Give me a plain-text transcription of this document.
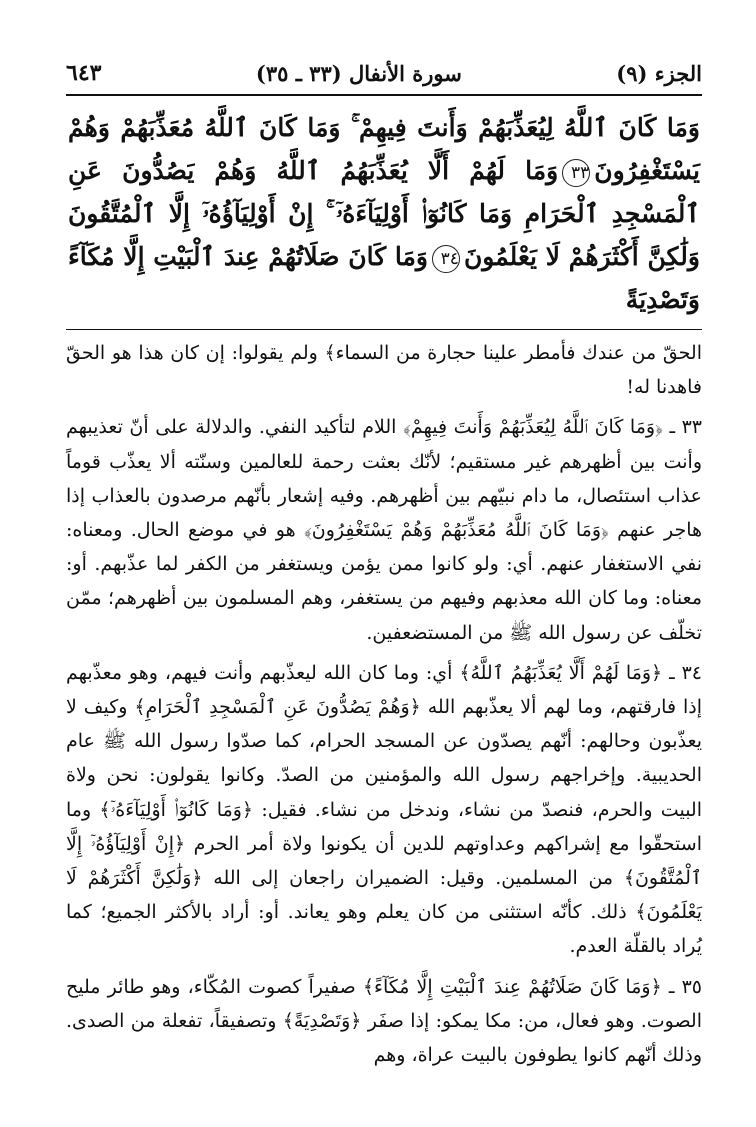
الجزء (٩)
سورة الأنفال (٣٣ ـ ٣٥)
٦٤٣
وَمَا كَانَ ٱللَّهُ لِيُعَذِّبَهُمْ وَأَنتَ فِيهِمْ ۚ وَمَا كَانَ ٱللَّهُ مُعَذِّبَهُمْ وَهُمْ يَسْتَغْفِرُونَ٣٣وَمَا لَهُمْ أَلَّا يُعَذِّبَهُمُ ٱللَّهُ وَهُمْ يَصُدُّونَ عَنِ ٱلْمَسْجِدِ ٱلْحَرَامِ وَمَا كَانُوٓا۟ أَوْلِيَآءَهُۥٓ ۚ إِنْ أَوْلِيَآؤُهُۥٓ إِلَّا ٱلْمُتَّقُونَ وَلَٰكِنَّ أَكْثَرَهُمْ لَا يَعْلَمُونَ٣٤وَمَا كَانَ صَلَاتُهُمْ عِندَ ٱلْبَيْتِ إِلَّا مُكَآءً وَتَصْدِيَةً

الحقّ من عندك فأمطر علينا حجارة من السماء﴾ ولم يقولوا: إن كان هذا هو الحقّ فاهدنا له!

٣٣ ـ ﴿وَمَا كَانَ ٱللَّهُ لِيُعَذِّبَهُمْ وَأَنتَ فِيهِمْ﴾ اللام لتأكيد النفي. والدلالة على أنّ تعذيبهم وأنت بين أظهرهم غير مستقيم؛ لأنّك بعثت رحمة للعالمين وسنّته ألا يعذّب قوماً عذاب استئصال، ما دام نبيّهم بين أظهرهم. وفيه إشعار بأنّهم مرصدون بالعذاب إذا هاجر عنهم ﴿وَمَا كَانَ ٱللَّهُ مُعَذِّبَهُمْ وَهُمْ يَسْتَغْفِرُونَ﴾ هو في موضع الحال. ومعناه: نفي الاستغفار عنهم. أي: ولو كانوا ممن يؤمن ويستغفر من الكفر لما عذّبهم. أو: معناه: وما كان الله معذبهم وفيهم من يستغفر، وهم المسلمون بين أظهرهم؛ ممّن تخلّف عن رسول الله ﷺ من المستضعفين.

٣٤ ـ ﴿وَمَا لَهُمْ أَلَّا يُعَذِّبَهُمُ ٱللَّهُ﴾ أي: وما كان الله ليعذّبهم وأنت فيهم، وهو معذّبهم إذا فارقتهم، وما لهم ألا يعذّبهم الله ﴿وَهُمْ يَصُدُّونَ عَنِ ٱلْمَسْجِدِ ٱلْحَرَامِ﴾ وكيف لا يعذّبون وحالهم: أنّهم يصدّون عن المسجد الحرام، كما صدّوا رسول الله ﷺ عام الحديبية. وإخراجهم رسول الله والمؤمنين من الصدّ. وكانوا يقولون: نحن ولاة البيت والحرم، فنصدّ من نشاء، وندخل من نشاء. فقيل: ﴿وَمَا كَانُوٓا۟ أَوْلِيَآءَهُۥٓ﴾ وما استحقّوا مع إشراكهم وعداوتهم للدين أن يكونوا ولاة أمر الحرم ﴿إِنْ أَوْلِيَآؤُهُۥٓ إِلَّا ٱلْمُتَّقُونَ﴾ من المسلمين. وقيل: الضميران راجعان إلى الله ﴿وَلَٰكِنَّ أَكْثَرَهُمْ لَا يَعْلَمُونَ﴾ ذلك. كأنّه استثنى من كان يعلم وهو يعاند. أو: أراد بالأكثر الجميع؛ كما يُراد بالقلّة العدم.

٣٥ ـ ﴿وَمَا كَانَ صَلَاتُهُمْ عِندَ ٱلْبَيْتِ إِلَّا مُكَآءً﴾ صفيراً كصوت المُكّاء، وهو طائر مليح الصوت. وهو فعال، من: مكا يمكو: إذا صفَر ﴿وَتَصْدِيَةً﴾ وتصفيقاً، تفعلة من الصدى. وذلك أنّهم كانوا يطوفون بالبيت عراة، وهم
